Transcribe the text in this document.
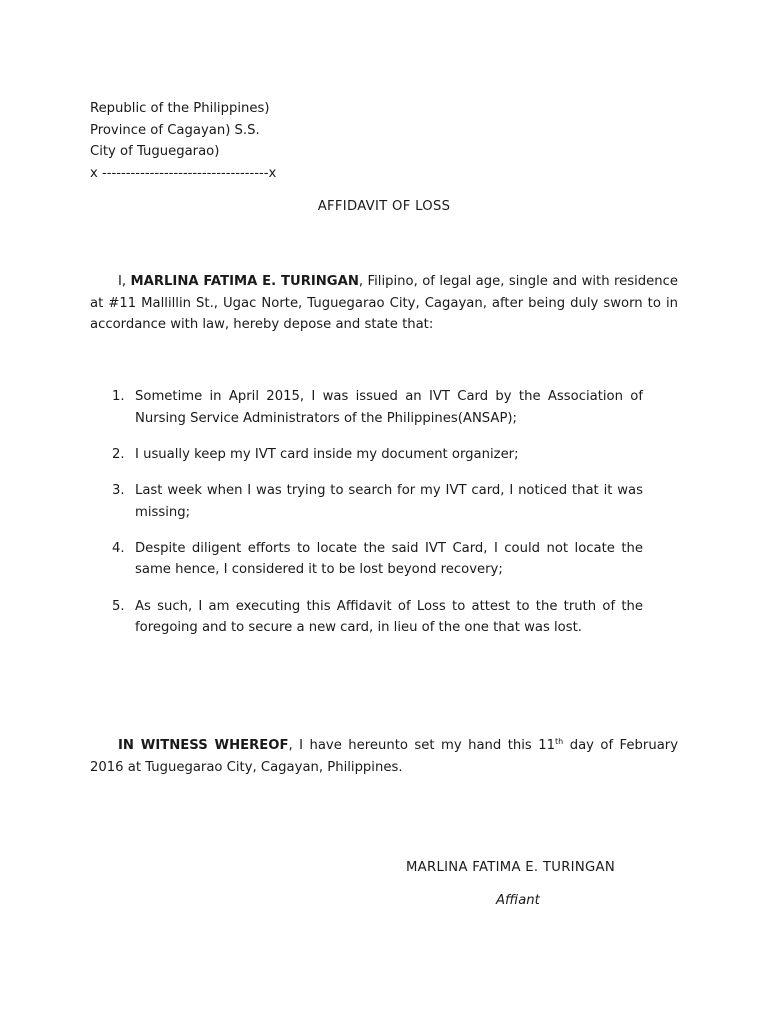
Republic of the Philippines)
Province of Cagayan) S.S.
City of Tuguegarao)
x -----------------------------------x
AFFIDAVIT OF LOSS
I, MARLINA FATIMA E. TURINGAN, Filipino, of legal age, single and with residence at #11 Mallillin St., Ugac Norte, Tuguegarao City, Cagayan, after being duly sworn to in accordance with law, hereby depose and state that:
1. Sometime in April 2015, I was issued an IVT Card by the Association of Nursing Service Administrators of the Philippines(ANSAP);
2. I usually keep my IVT card inside my document organizer;
3. Last week when I was trying to search for my IVT card, I noticed that it was missing;
4. Despite diligent efforts to locate the said IVT Card, I could not locate the same hence, I considered it to be lost beyond recovery;
5. As such, I am executing this Affidavit of Loss to attest to the truth of the foregoing and to secure a new card, in lieu of the one that was lost.
IN WITNESS WHEREOF, I have hereunto set my hand this 11th day of February 2016 at Tuguegarao City, Cagayan, Philippines.
MARLINA FATIMA E. TURINGAN
Affiant
